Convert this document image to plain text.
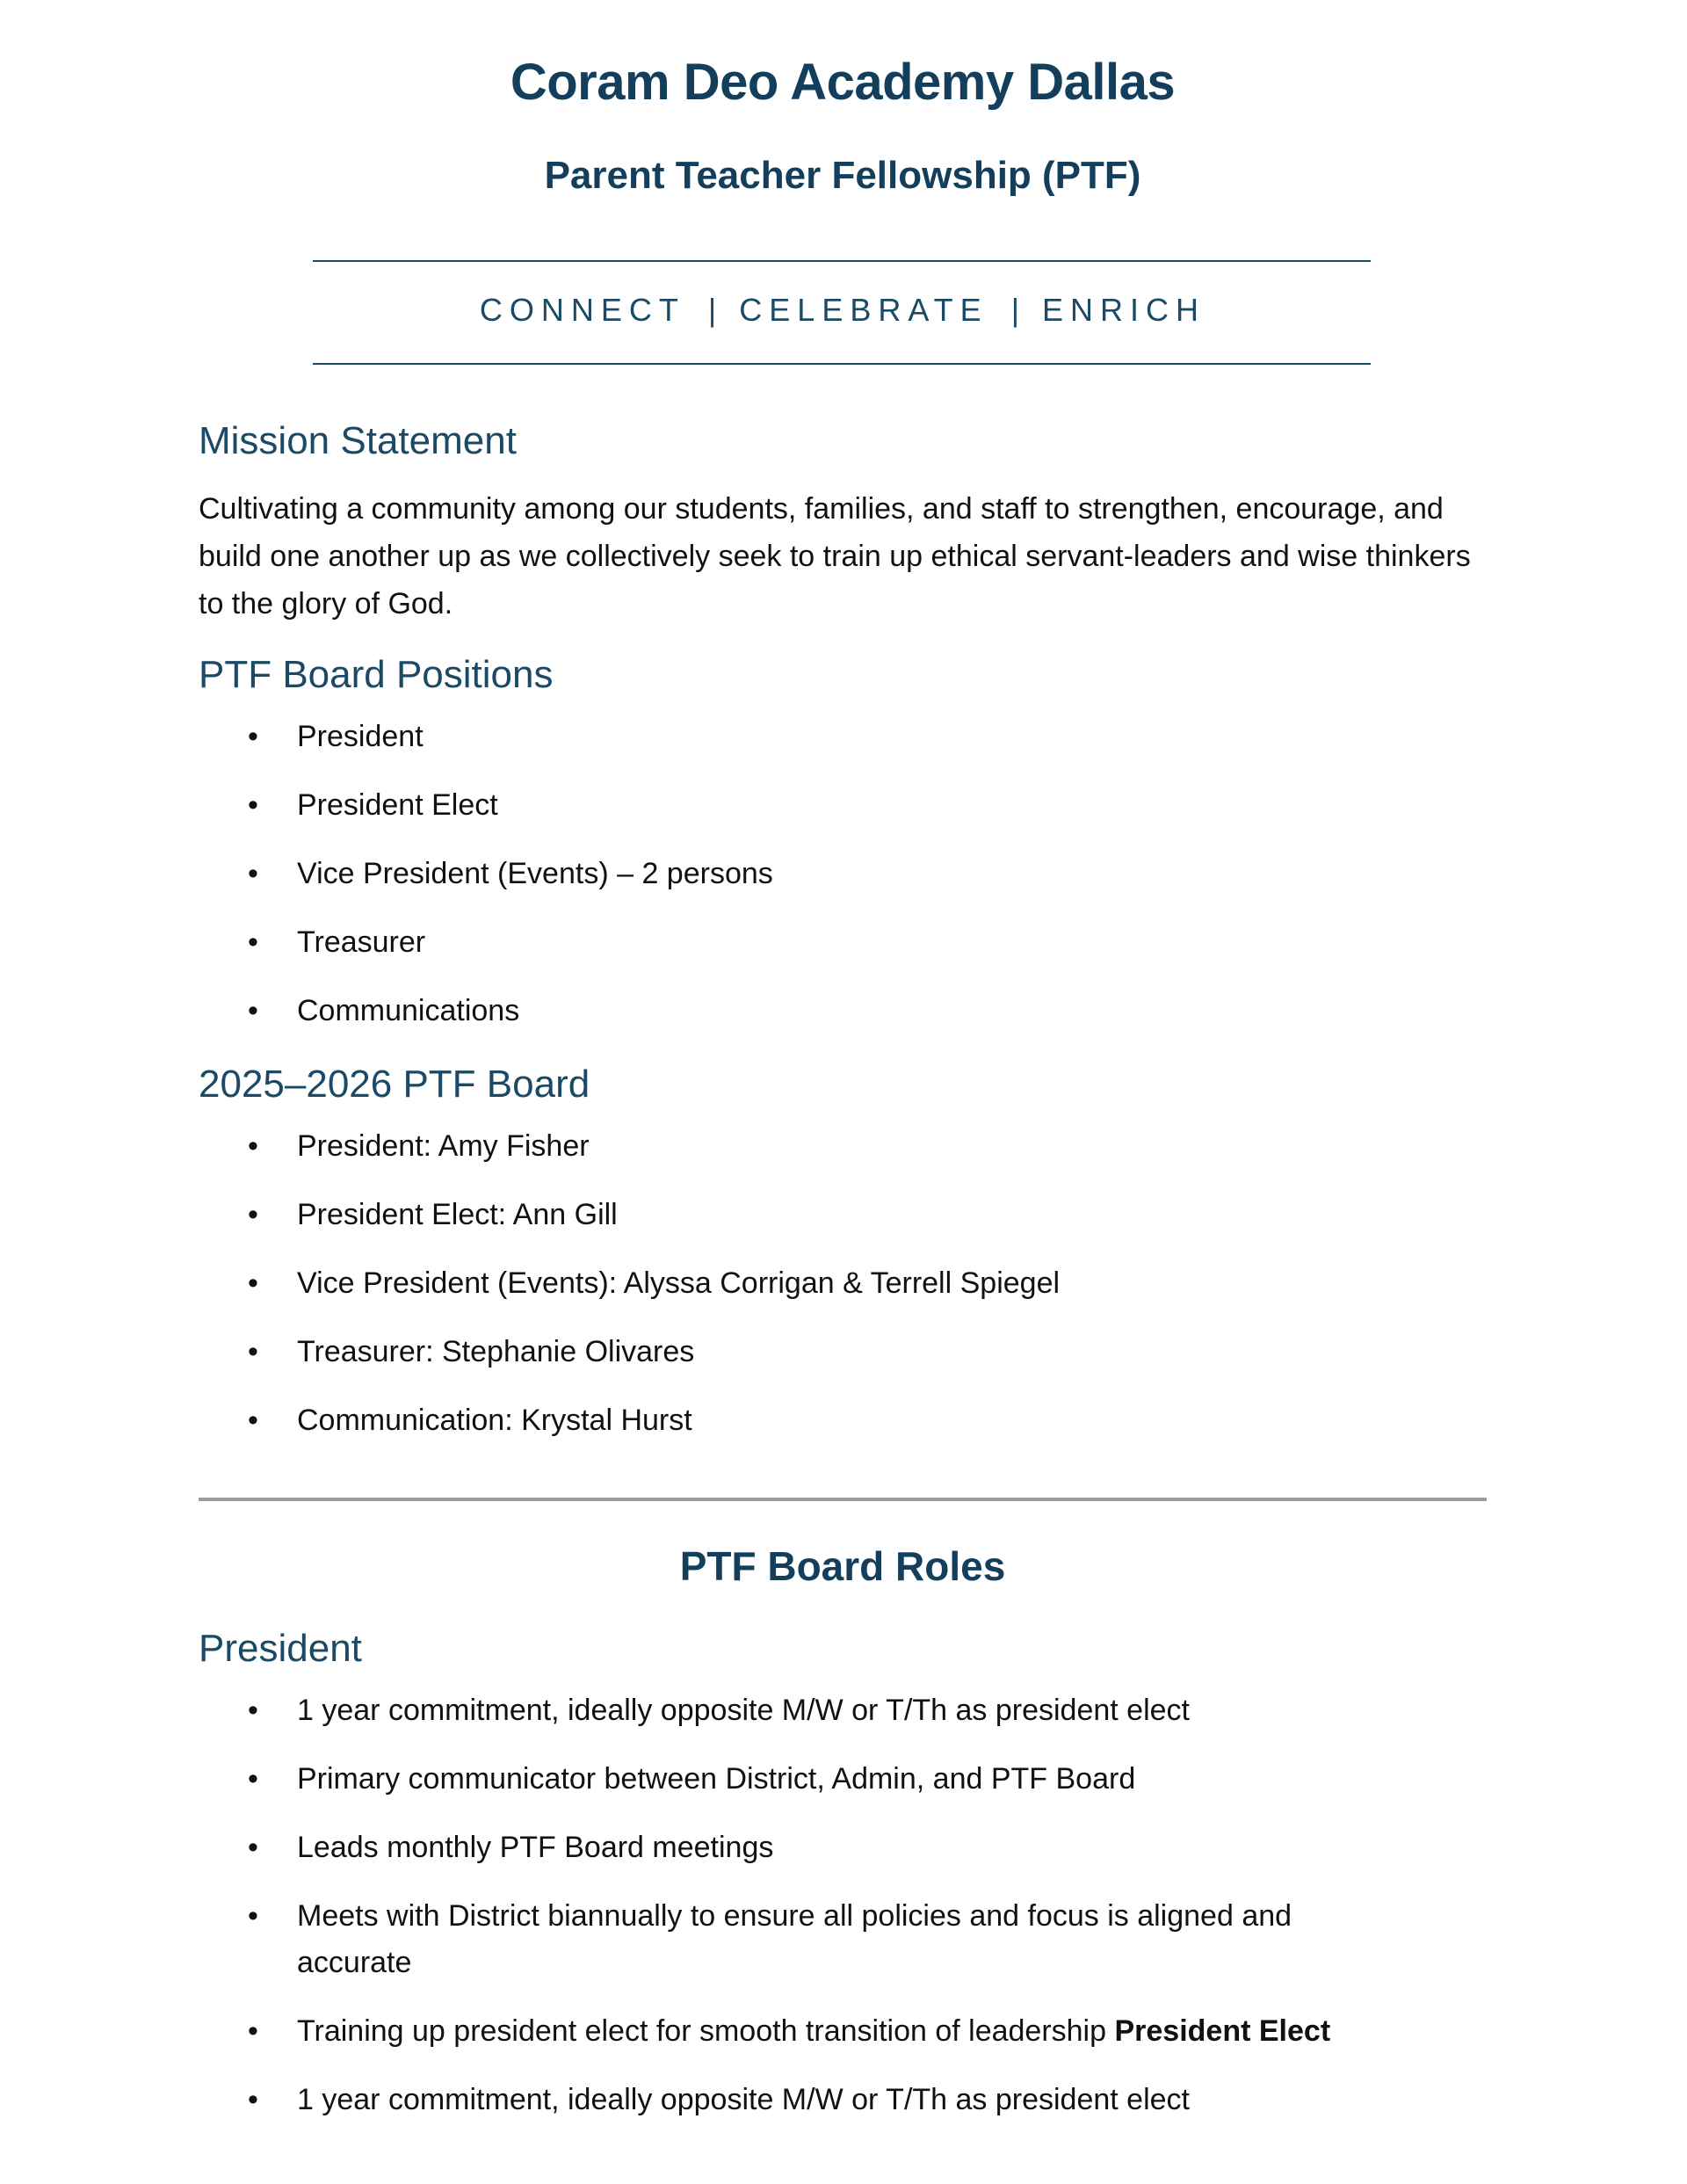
Coram Deo Academy Dallas
Parent Teacher Fellowship (PTF)
CONNECT | CELEBRATE | ENRICH
Mission Statement

Cultivating a community among our students, families, and staff to strengthen, encourage, and build one another up as we collectively seek to train up ethical servant-leaders and wise thinkers to the glory of God.

PTF Board Positions
• President
• President Elect
• Vice President (Events) – 2 persons
• Treasurer
• Communications
2025–2026 PTF Board
• President: Amy Fisher
• President Elect: Ann Gill
• Vice President (Events): Alyssa Corrigan & Terrell Spiegel
• Treasurer: Stephanie Olivares
• Communication: Krystal Hurst
PTF Board Roles
President
• 1 year commitment, ideally opposite M/W or T/Th as president elect
• Primary communicator between District, Admin, and PTF Board
• Leads monthly PTF Board meetings
• Meets with District biannually to ensure all policies and focus is aligned and accurate
• Training up president elect for smooth transition of leadership President Elect
• 1 year commitment, ideally opposite M/W or T/Th as president elect
